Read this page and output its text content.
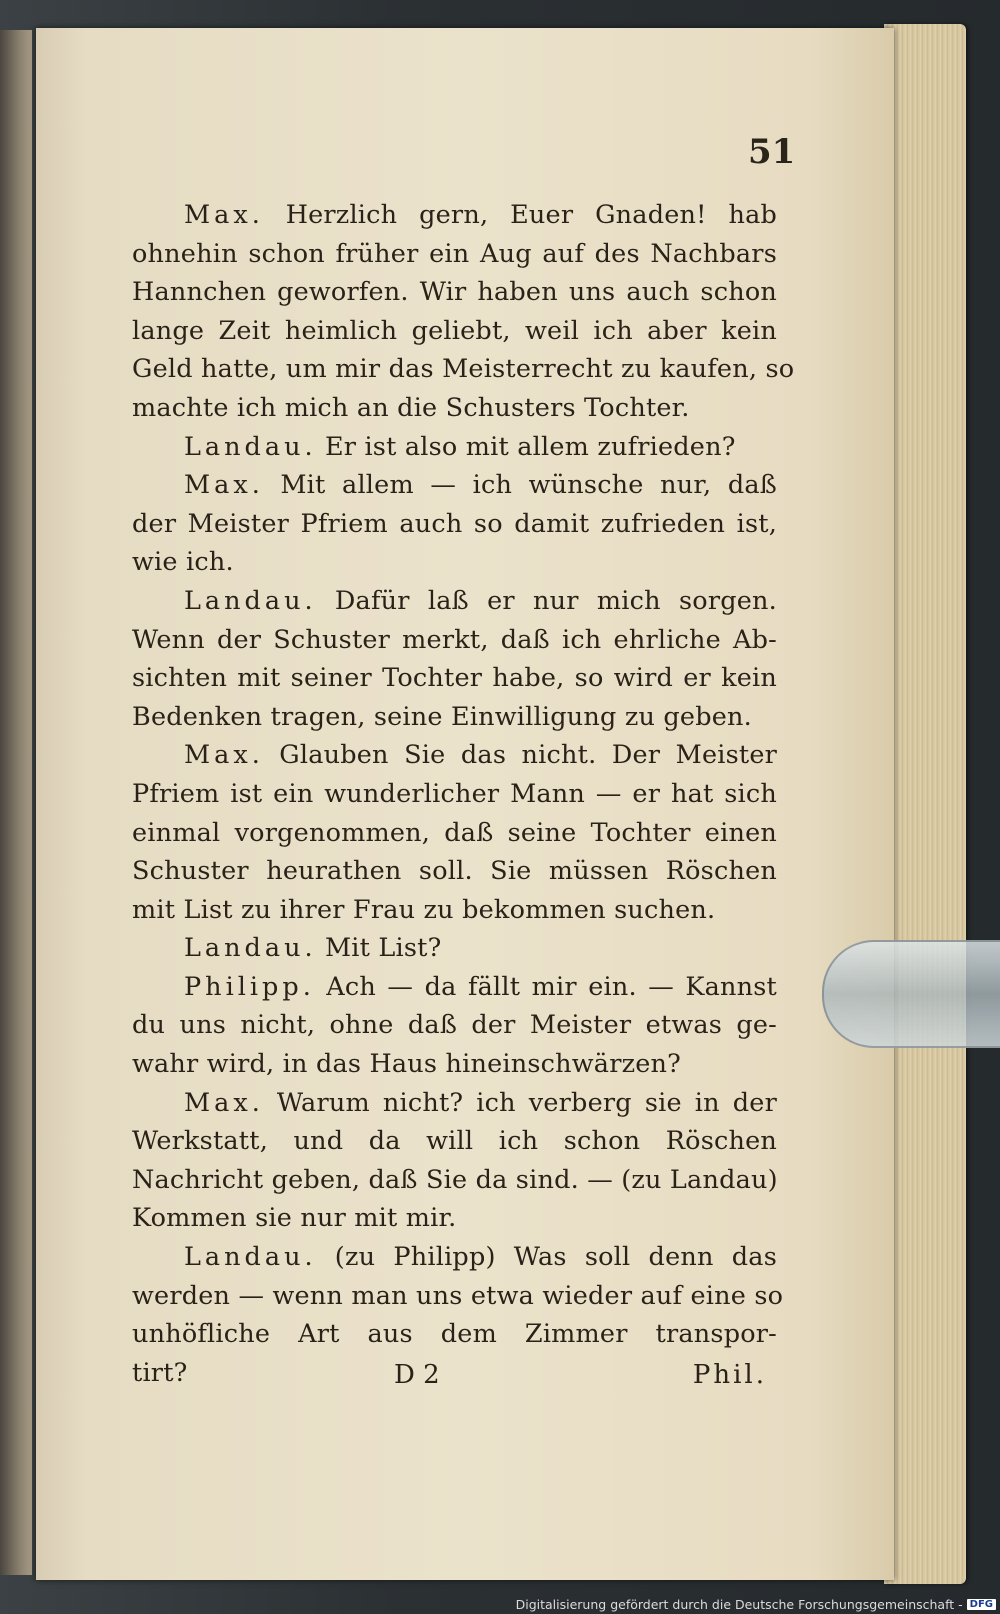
51
Max. Herzlich gern, Euer Gnaden! hab
ohnehin schon früher ein Aug auf des Nachbars
Hannchen geworfen. Wir haben uns auch schon
lange Zeit heimlich geliebt, weil ich aber kein
Geld hatte, um mir das Meisterrecht zu kaufen, so
machte ich mich an die Schusters Tochter.
Landau. Er ist also mit allem zufrieden?
Max. Mit allem — ich wünsche nur, daß
der Meister Pfriem auch so damit zufrieden ist,
wie ich.
Landau. Dafür laß er nur mich sorgen.
Wenn der Schuster merkt, daß ich ehrliche Ab-
sichten mit seiner Tochter habe, so wird er kein
Bedenken tragen, seine Einwilligung zu geben.
Max. Glauben Sie das nicht. Der Meister
Pfriem ist ein wunderlicher Mann — er hat sich
einmal vorgenommen, daß seine Tochter einen
Schuster heurathen soll. Sie müssen Röschen
mit List zu ihrer Frau zu bekommen suchen.
Landau. Mit List?
Philipp. Ach — da fällt mir ein. — Kannst
du uns nicht, ohne daß der Meister etwas ge-
wahr wird, in das Haus hineinschwärzen?
Max. Warum nicht? ich verberg sie in der
Werkstatt, und da will ich schon Röschen
Nachricht geben, daß Sie da sind. — (zu Landau)
Kommen sie nur mit mir.
Landau. (zu Philipp) Was soll denn das
werden — wenn man uns etwa wieder auf eine so
unhöfliche Art aus dem Zimmer transpor-
tirt?	D 2	Phil.
Digitalisierung gefördert durch die Deutsche Forschungsgemeinschaft - DFG
